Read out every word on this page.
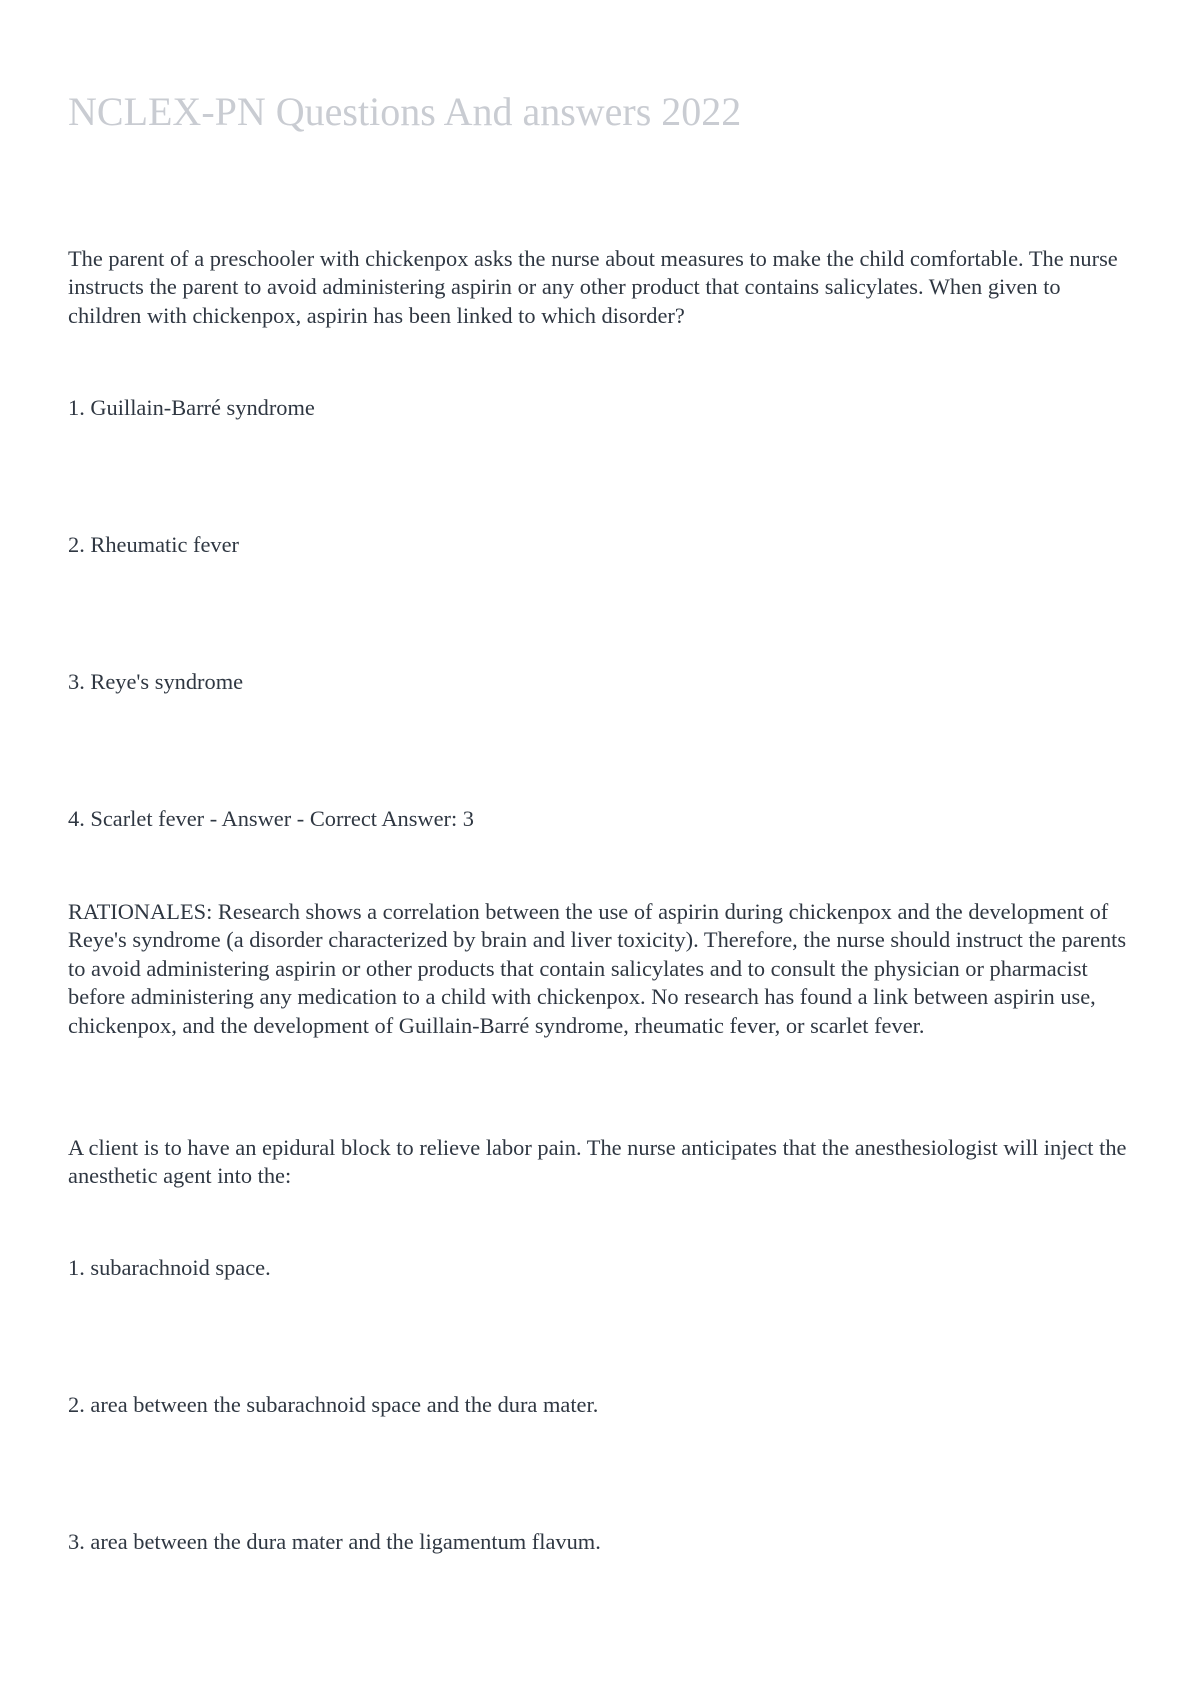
NCLEX-PN Questions And answers 2022

The parent of a preschooler with chickenpox asks the nurse about measures to make the child comfortable. The nurse instructs the parent to avoid administering aspirin or any other product that contains salicylates. When given to children with chickenpox, aspirin has been linked to which disorder?

1. Guillain-Barré syndrome

2. Rheumatic fever

3. Reye's syndrome

4. Scarlet fever - Answer - Correct Answer: 3

RATIONALES: Research shows a correlation between the use of aspirin during chickenpox and the development of Reye's syndrome (a disorder characterized by brain and liver toxicity). Therefore, the nurse should instruct the parents to avoid administering aspirin or other products that contain salicylates and to consult the physician or pharmacist before administering any medication to a child with chickenpox. No research has found a link between aspirin use, chickenpox, and the development of Guillain-Barré syndrome, rheumatic fever, or scarlet fever.

A client is to have an epidural block to relieve labor pain. The nurse anticipates that the anesthesiologist will inject the anesthetic agent into the:

1. subarachnoid space.

2. area between the subarachnoid space and the dura mater.

3. area between the dura mater and the ligamentum flavum.
